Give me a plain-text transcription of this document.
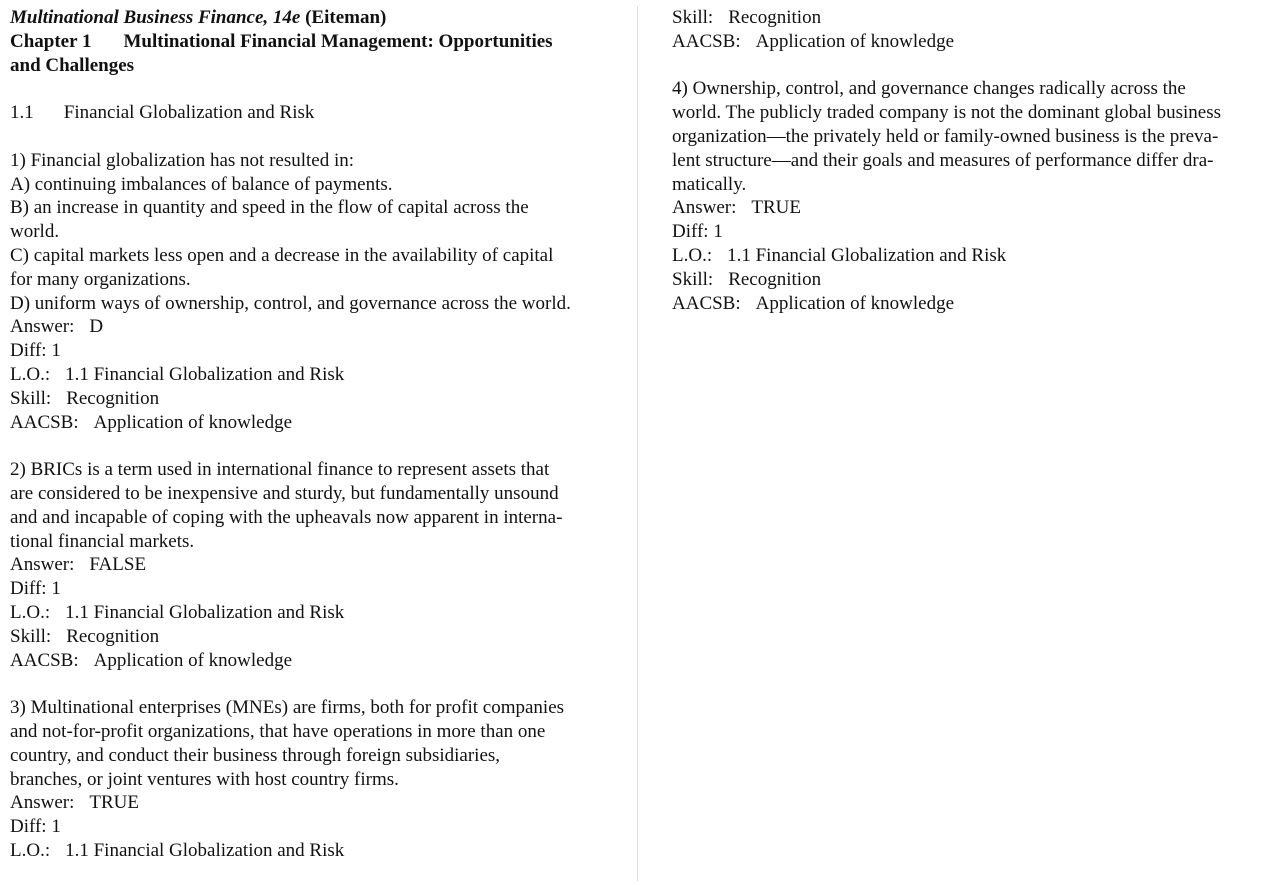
Multinational Business Finance, 14e (Eiteman)
Chapter 1 Multinational Financial Management: Opportunities
and Challenges
1.1 Financial Globalization and Risk
1) Financial globalization has not resulted in:
A) continuing imbalances of balance of payments.
B) an increase in quantity and speed in the flow of capital across the
world.
C) capital markets less open and a decrease in the availability of capital
for many organizations.
D) uniform ways of ownership, control, and governance across the world.
Answer: D
Diff: 1
L.O.: 1.1 Financial Globalization and Risk
Skill: Recognition
AACSB: Application of knowledge
2) BRICs is a term used in international finance to represent assets that
are considered to be inexpensive and sturdy, but fundamentally unsound
and and incapable of coping with the upheavals now apparent in interna-
tional financial markets.
Answer: FALSE
Diff: 1
L.O.: 1.1 Financial Globalization and Risk
Skill: Recognition
AACSB: Application of knowledge
3) Multinational enterprises (MNEs) are firms, both for profit companies
and not-for-profit organizations, that have operations in more than one
country, and conduct their business through foreign subsidiaries,
branches, or joint ventures with host country firms.
Answer: TRUE
Diff: 1
L.O.: 1.1 Financial Globalization and Risk
Skill: Recognition
AACSB: Application of knowledge
4) Ownership, control, and governance changes radically across the
world. The publicly traded company is not the dominant global business
organization—the privately held or family-owned business is the preva-
lent structure—and their goals and measures of performance differ dra-
matically.
Answer: TRUE
Diff: 1
L.O.: 1.1 Financial Globalization and Risk
Skill: Recognition
AACSB: Application of knowledge
